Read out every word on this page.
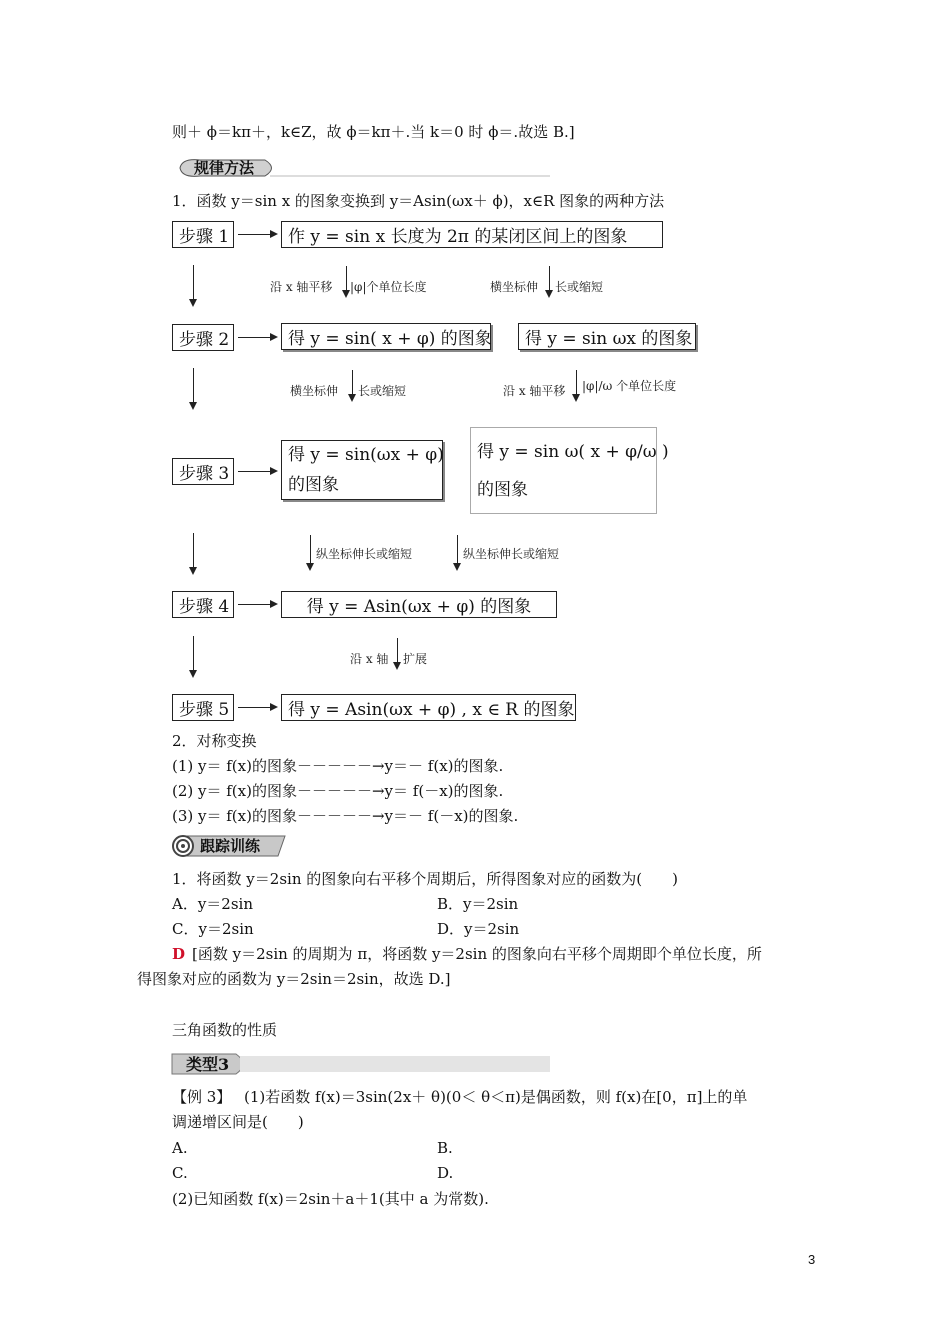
则＋ ϕ＝kπ＋，k∈Z，故 ϕ＝kπ＋.当 k＝0 时 ϕ＝.故选 B.]
规律方法
1．函数 y＝sin x 的图象变换到 y＝Asin(ωx＋ ϕ)，x∈R 图象的两种方法
步骤 1	作 y = sin x 长度为 2π 的某闭区间上的图象
沿 x 轴平移 |φ|个单位长度	横坐标伸 长或缩短
步骤 2	得 y = sin( x + φ) 的图象 得 y = sin ωx 的图象
横坐标伸 长或缩短	沿 x 轴平移 |φ|/ω 个单位长度
步骤 3
得 y = sin(ωx + φ)
的图象
得 y = sin ω( x + φ/ω )
的图象
纵坐标伸长或缩短	纵坐标伸长或缩短
步骤 4	得 y = Asin(ωx + φ) 的图象
沿 x 轴 扩展
步骤 5	得 y = Asin(ωx + φ) , x ∈ R 的图象
2．对称变换
(1) y＝ f(x)的图象－－－－－→y＝－ f(x)的图象.
(2) y＝ f(x)的图象－－－－－→y＝ f(－x)的图象.
(3) y＝ f(x)的图象－－－－－→y＝－ f(－x)的图象.
跟踪训练
1．将函数 y＝2sin 的图象向右平移个周期后，所得图象对应的函数为(　　)
A．y＝2sin	B．y＝2sin
C．y＝2sin	D．y＝2sin
D [函数 y＝2sin 的周期为 π，将函数 y＝2sin 的图象向右平移个周期即个单位长度，所
得图象对应的函数为 y＝2sin＝2sin，故选 D.]
三角函数的性质
类型3
【例 3】 (1)若函数 f(x)＝3sin(2x＋ θ)(0＜ θ＜π)是偶函数，则 f(x)在[0，π]上的单
调递增区间是(　　)
A.	B.
C.	D.
(2)已知函数 f(x)＝2sin＋a＋1(其中 a 为常数).
3
